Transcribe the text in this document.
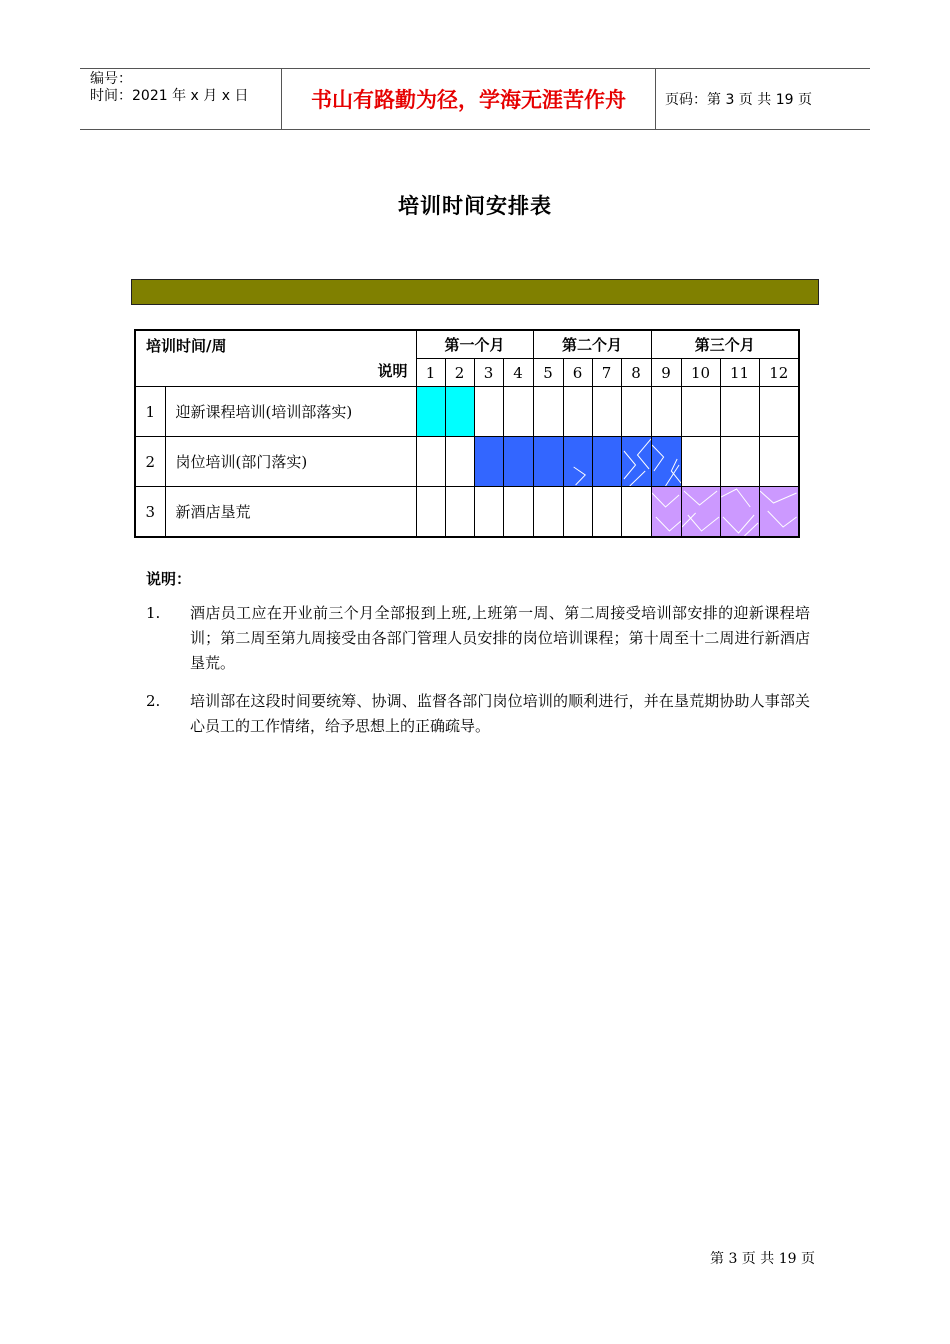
编号：
时间：2021 年 x 月 x 日	书山有路勤为径，学海无涯苦作舟	页码：第 3 页 共 19 页
培训时间安排表
培训时间/周
说明		第一个月				第二个月				第三个月			
		1	2	3	4	5	6	7	8	9	10	11	12
1	迎新课程培训(培训部落实)												
2	岗位培训(部门落实)						

3	新酒店垦荒									

说明：
1. 酒店员工应在开业前三个月全部报到上班,上班第一周、第二周接受培训部安排的迎新课程培训；第二周至第九周接受由各部门管理人员安排的岗位培训课程；第十周至十二周进行新酒店垦荒。
2. 培训部在这段时间要统筹、协调、监督各部门岗位培训的顺利进行，并在垦荒期协助人事部关心员工的工作情绪，给予思想上的正确疏导。
第 3 页 共 19 页
